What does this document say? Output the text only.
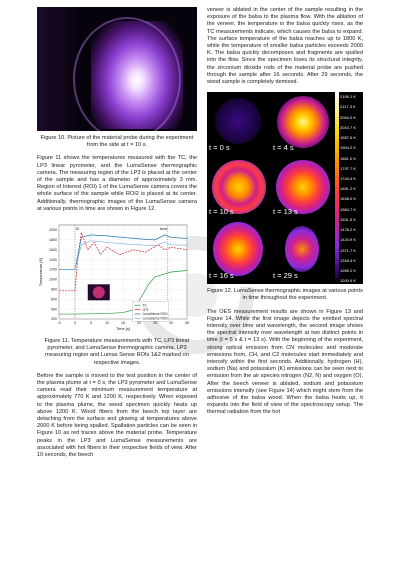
Figure 10. Picture of the material probe during the experiment from the side at t = 10 s.

Figure 11 shows the temperatures measured with the TC, the LP3 linear pyrometer, and the LumaSense thermographic camera. The measuring region of the LP3 is placed at the center of the sample and has a diameter of approximately 3 mm. Region of Interest (ROI) 1 of the LumaSense camera covers the whole surface of the sample while ROI2 is placed at its center. Additionally, thermographic images of the LumaSense camera at various points in time are shown in Figure 12.

200
400
600
800
1000
1200
1400
1600
1800
2000
-5	0	5	10	15	20	25	30	35
Time [s]
Temperature [K]
t0	tend
TC
LP3
LumaSense ROI1
LumaSense ROI2
Figure 11. Temperature measurements with TC, LP3 linear pyrometer, and LumaSense thermographic camera. LP3 measuring region and Lumas Sense ROIs 1&2 marked on respective images.

Before the sample is moved to the test position in the center of the plasma plume at t = 0 s, the LP3 pyrometer and LumaSense camera read their minimum measurement temperature at approximately 770 K and 1200 K, respectively. When exposed to the plasma plume, the wood specimen quickly heats up above 1200 K. Wood fibers from the beech top layer are detaching from the surface and glowing at temperatures above 2000 K before being spalled. Spallation particles can be seen in Figure 10 as red traces above the material probe. Temperature peaks in the LP3 and LumaSense measurements are associated with hot fibers in their respective fields of view. After 10 seconds, the beech

veneer is ablated in the center of the sample resulting in the exposure of the balsa to the plasma flow. With the ablation of the veneer, the temperature in the balsa quickly rises, as the TC measurements indicate, which causes the balsa to expand. The surface temperature of the balsa reaches up to 1800 K, while the temperature of smaller balsa particles exceeds 2000 K. The balsa quickly decomposes and fragments are spalled into the flow. Since the specimen loses its structural integrity, the zirconium dioxide rods of the material probe are pushed through the sample after 16 seconds. After 29 seconds, the wood sample is completely demised.

t = 0 s	t = 4 s
t = 10 s	t = 13 s
t = 16 s	t = 29 s
2195.1 K
2117.3 K
2064.0 K
2010.7 K
1957.5 K
1904.2 K
1851.0 K
1797.7 K
1744.4 K
1691.2 K
1638.0 K
1584.7 K
1531.5 K
1478.2 K
1424.9 K
1371.7 K
1318.4 K
1265.2 K
1200.0 K
Figure 12. LumaSense thermographic images at various points in time throughout the experiment.

The OES measurement results are shown in Figure 13 and Figure 14. While the first image depicts the emitted spectral intensity over time and wavelength, the second image shows the spectral intensity over wavelength at two distinct points in time (t = 5 s & t = 13 s). With the beginning of the experiment, strong optical emission from CN molecules and moderate emissions from, CH, and C2 molecules start immediately and intensify within the first seconds. Additionally, hydrogen (H), sodium (Na) and potassium (K) emissions can be seen next to emission from the air species nitrogen (N2, N) and oxygen (O). After the beech veneer is ablated, sodium and potassium emissions intensify (see Figure 14) which might stem from the adhesive of the balsa wood. When the balsa heats up, it expands into the field of view of the spectroscopy setup. The thermal radiation from the hot
